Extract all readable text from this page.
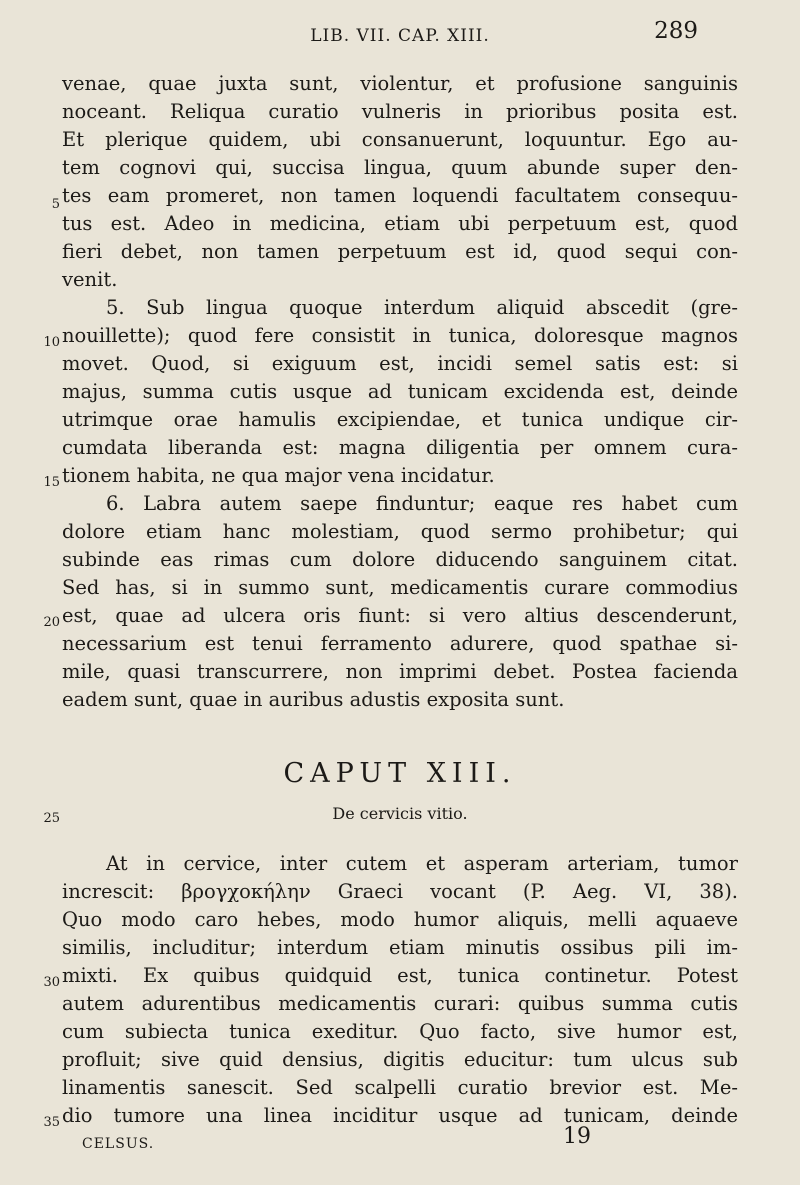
LIB. VII. CAP. XIII.	289
venae, quae juxta sunt, violentur, et profusione sanguinis
noceant. Reliqua curatio vulneris in prioribus posita est.
Et plerique quidem, ubi consanuerunt, loquuntur. Ego au-
tem cognovi qui, succisa lingua, quum abunde super den-
tes eam promeret, non tamen loquendi facultatem consequu-
tus est. Adeo in medicina, etiam ubi perpetuum est, quod
fieri debet, non tamen perpetuum est id, quod sequi con-
venit.
5. Sub lingua quoque interdum aliquid abscedit (gre-
nouillette); quod fere consistit in tunica, doloresque magnos
movet. Quod, si exiguum est, incidi semel satis est: si
majus, summa cutis usque ad tunicam excidenda est, deinde
utrimque orae hamulis excipiendae, et tunica undique cir-
cumdata liberanda est: magna diligentia per omnem cura-
tionem habita, ne qua major vena incidatur.
6. Labra autem saepe finduntur; eaque res habet cum
dolore etiam hanc molestiam, quod sermo prohibetur; qui
subinde eas rimas cum dolore diducendo sanguinem citat.
Sed has, si in summo sunt, medicamentis curare commodius
est, quae ad ulcera oris fiunt: si vero altius descenderunt,
necessarium est tenui ferramento adurere, quod spathae si-
mile, quasi transcurrere, non imprimi debet. Postea facienda
eadem sunt, quae in auribus adustis exposita sunt.
CAPUT XIII.
De cervicis vitio.
At in cervice, inter cutem et asperam arteriam, tumor
increscit: βρογχοκήλην Graeci vocant (P. Aeg. VI, 38).
Quo modo caro hebes, modo humor aliquis, melli aquaeve
similis, includitur; interdum etiam minutis ossibus pili im-
mixti. Ex quibus quidquid est, tunica continetur. Potest
autem adurentibus medicamentis curari: quibus summa cutis
cum subiecta tunica exeditur. Quo facto, sive humor est,
profluit; sive quid densius, digitis educitur: tum ulcus sub
linamentis sanescit. Sed scalpelli curatio brevior est. Me-
dio tumore una linea inciditur usque ad tunicam, deinde
5
10
15
20
25
30
35
CELSUS.	19
